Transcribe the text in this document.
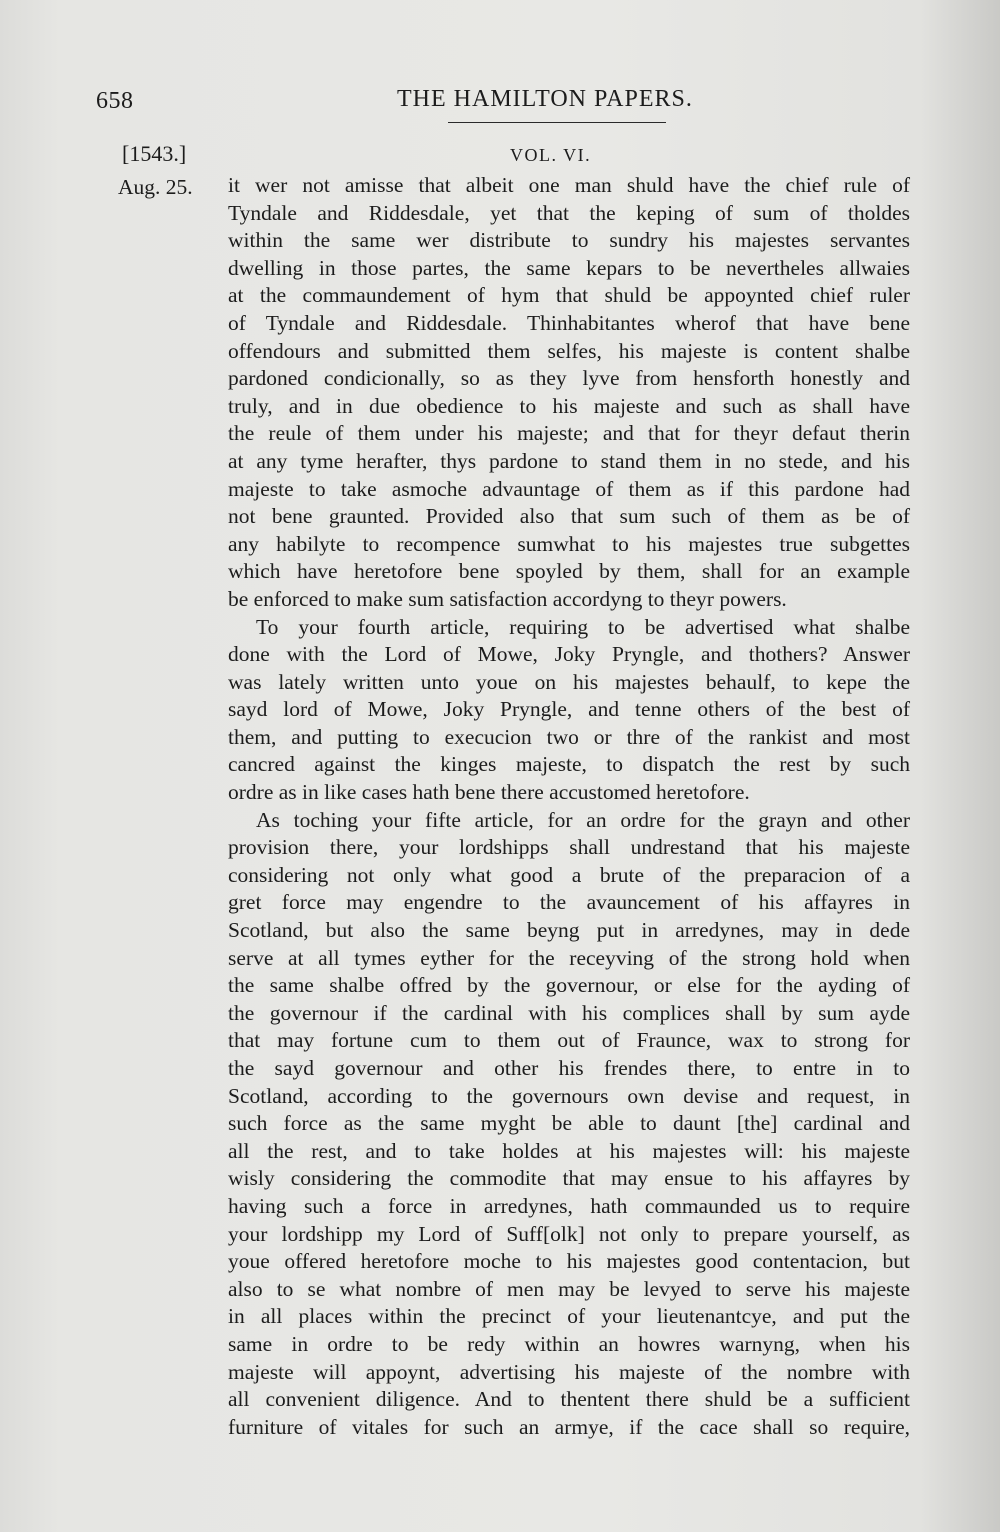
658	THE HAMILTON PAPERS.
[1543.]	VOL. VI.
Aug. 25. it wer not amisse that albeit one man shuld have the chief rule of
Tyndale and Riddesdale, yet that the keping of sum of tholdes
within the same wer distribute to sundry his majestes servantes
dwelling in those partes, the same kepars to be nevertheles allwaies
at the commaundement of hym that shuld be appoynted chief ruler
of Tyndale and Riddesdale. Thinhabitantes wherof that have bene
offendours and submitted them selfes, his majeste is content shalbe
pardoned condicionally, so as they lyve from hensforth honestly and
truly, and in due obedience to his majeste and such as shall have
the reule of them under his majeste; and that for theyr defaut therin
at any tyme herafter, thys pardone to stand them in no stede, and his
majeste to take asmoche advauntage of them as if this pardone had
not bene graunted. Provided also that sum such of them as be of
any habilyte to recompence sumwhat to his majestes true subgettes
which have heretofore bene spoyled by them, shall for an example
be enforced to make sum satisfaction accordyng to theyr powers.
To your fourth article, requiring to be advertised what shalbe
done with the Lord of Mowe, Joky Pryngle, and thothers? Answer
was lately written unto youe on his majestes behaulf, to kepe the
sayd lord of Mowe, Joky Pryngle, and tenne others of the best of
them, and putting to execucion two or thre of the rankist and most
cancred against the kinges majeste, to dispatch the rest by such
ordre as in like cases hath bene there accustomed heretofore.
As toching your fifte article, for an ordre for the grayn and other
provision there, your lordshipps shall undrestand that his majeste
considering not only what good a brute of the preparacion of a
gret force may engendre to the avauncement of his affayres in
Scotland, but also the same beyng put in arredynes, may in dede
serve at all tymes eyther for the receyving of the strong hold when
the same shalbe offred by the governour, or else for the ayding of
the governour if the cardinal with his complices shall by sum ayde
that may fortune cum to them out of Fraunce, wax to strong for
the sayd governour and other his frendes there, to entre in to
Scotland, according to the governours own devise and request, in
such force as the same myght be able to daunt [the] cardinal and
all the rest, and to take holdes at his majestes will: his majeste
wisly considering the commodite that may ensue to his affayres by
having such a force in arredynes, hath commaunded us to require
your lordshipp my Lord of Suff[olk] not only to prepare yourself, as
youe offered heretofore moche to his majestes good contentacion, but
also to se what nombre of men may be levyed to serve his majeste
in all places within the precinct of your lieutenantcye, and put the
same in ordre to be redy within an howres warnyng, when his
majeste will appoynt, advertising his majeste of the nombre with
all convenient diligence. And to thentent there shuld be a sufficient
furniture of vitales for such an armye, if the cace shall so require,
